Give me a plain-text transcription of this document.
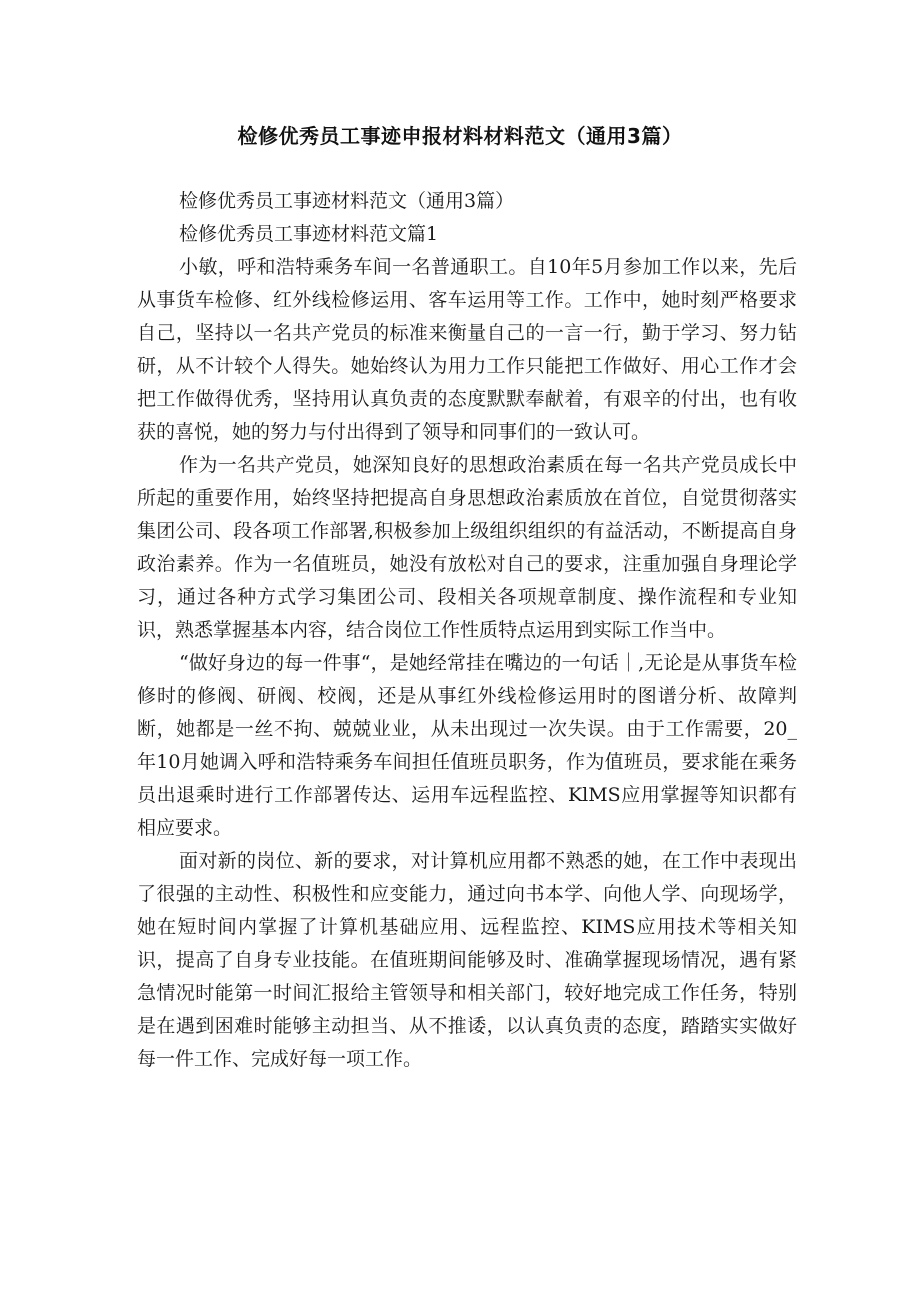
检修优秀员工事迹申报材料材料范文（通用3篇）

检修优秀员工事迹材料范文（通用3篇）

检修优秀员工事迹材料范文篇1

小敏，呼和浩特乘务车间一名普通职工。自10年5月参加工作以来，先后从事货车检修、红外线检修运用、客车运用等工作。工作中，她时刻严格要求自己，坚持以一名共产党员的标准来衡量自己的一言一行，勤于学习、努力钻研，从不计较个人得失。她始终认为用力工作只能把工作做好、用心工作才会把工作做得优秀，坚持用认真负责的态度默默奉献着，有艰辛的付出，也有收获的喜悦，她的努力与付出得到了领导和同事们的一致认可。

作为一名共产党员，她深知良好的思想政治素质在每一名共产党员成长中所起的重要作用，始终坚持把提高自身思想政治素质放在首位，自觉贯彻落实集团公司、段各项工作部署,积极参加上级组织组织的有益活动，不断提高自身政治素养。作为一名值班员，她没有放松对自己的要求，注重加强自身理论学习，通过各种方式学习集团公司、段相关各项规章制度、操作流程和专业知识，熟悉掌握基本内容，结合岗位工作性质特点运用到实际工作当中。

“做好身边的每一件事“，是她经常挂在嘴边的一句话｜,无论是从事货车检修时的修阀、研阀、校阀，还是从事红外线检修运用时的图谱分析、故障判断，她都是一丝不拘、兢兢业业，从未出现过一次失误。由于工作需要，20_年10月她调入呼和浩特乘务车间担任值班员职务，作为值班员，要求能在乘务员出退乘时进行工作部署传达、运用车远程监控、KlMS应用掌握等知识都有相应要求。

面对新的岗位、新的要求，对计算机应用都不熟悉的她，在工作中表现出了很强的主动性、积极性和应变能力，通过向书本学、向他人学、向现场学，她在短时间内掌握了计算机基础应用、远程监控、KIMS应用技术等相关知识，提高了自身专业技能。在值班期间能够及时、准确掌握现场情况，遇有紧急情况时能第一时间汇报给主管领导和相关部门，较好地完成工作任务，特别是在遇到困难时能够主动担当、从不推诿，以认真负责的态度，踏踏实实做好每一件工作、完成好每一项工作。
